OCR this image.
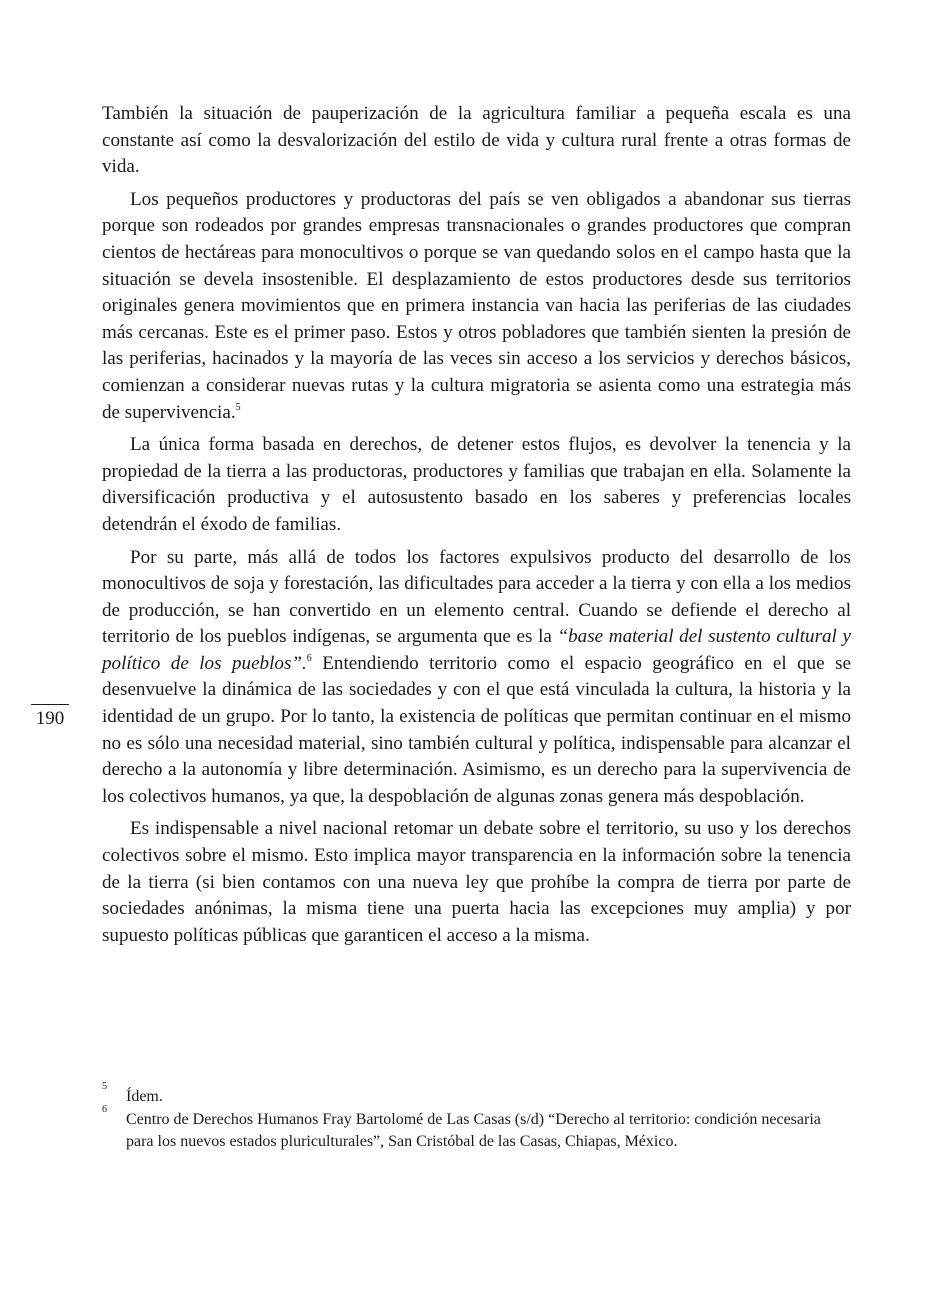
190

También la situación de pauperización de la agricultura familiar a pequeña escala es una constante así como la desvalorización del estilo de vida y cultura rural frente a otras formas de vida.

Los pequeños productores y productoras del país se ven obligados a abandonar sus tierras porque son rodeados por grandes empresas transnacionales o grandes productores que compran cientos de hectáreas para monocultivos o porque se van quedando solos en el campo hasta que la situación se devela insostenible. El desplazamiento de estos productores desde sus territorios originales genera movimientos que en primera instancia van hacia las periferias de las ciudades más cercanas. Este es el primer paso. Estos y otros pobladores que también sienten la presión de las periferias, hacinados y la mayoría de las veces sin acceso a los servicios y derechos básicos, comienzan a considerar nuevas rutas y la cultura migratoria se asienta como una estrategia más de supervivencia.$^5$

La única forma basada en derechos, de detener estos flujos, es devolver la tenencia y la propiedad de la tierra a las productoras, productores y familias que trabajan en ella. Solamente la diversificación productiva y el autosustento basado en los saberes y preferencias locales detendrán el éxodo de familias.

Por su parte, más allá de todos los factores expulsivos producto del desarrollo de los monocultivos de soja y forestación, las dificultades para acceder a la tierra y con ella a los medios de producción, se han convertido en un elemento central. Cuando se defiende el derecho al territorio de los pueblos indígenas, se argumenta que es la “base material del sustento cultural y político de los pueblos”.$^6$ Entendiendo territorio como el espacio geográfico en el que se desenvuelve la dinámica de las sociedades y con el que está vinculada la cultura, la historia y la identidad de un grupo. Por lo tanto, la existencia de políticas que permitan continuar en el mismo no es sólo una necesidad material, sino también cultural y política, indispensable para alcanzar el derecho a la autonomía y libre determinación. Asimismo, es un derecho para la supervivencia de los colectivos humanos, ya que, la despoblación de algunas zonas genera más despoblación.

Es indispensable a nivel nacional retomar un debate sobre el territorio, su uso y los derechos colectivos sobre el mismo. Esto implica mayor transparencia en la información sobre la tenencia de la tierra (si bien contamos con una nueva ley que prohíbe la compra de tierra por parte de sociedades anónimas, la misma tiene una puerta hacia las excepciones muy amplia) y por supuesto políticas públicas que garanticen el acceso a la misma.

5
Ídem.
6
Centro de Derechos Humanos Fray Bartolomé de Las Casas (s/d) “Derecho al territorio: condición necesaria para los nuevos estados pluriculturales”, San Cristóbal de las Casas, Chiapas, México.
